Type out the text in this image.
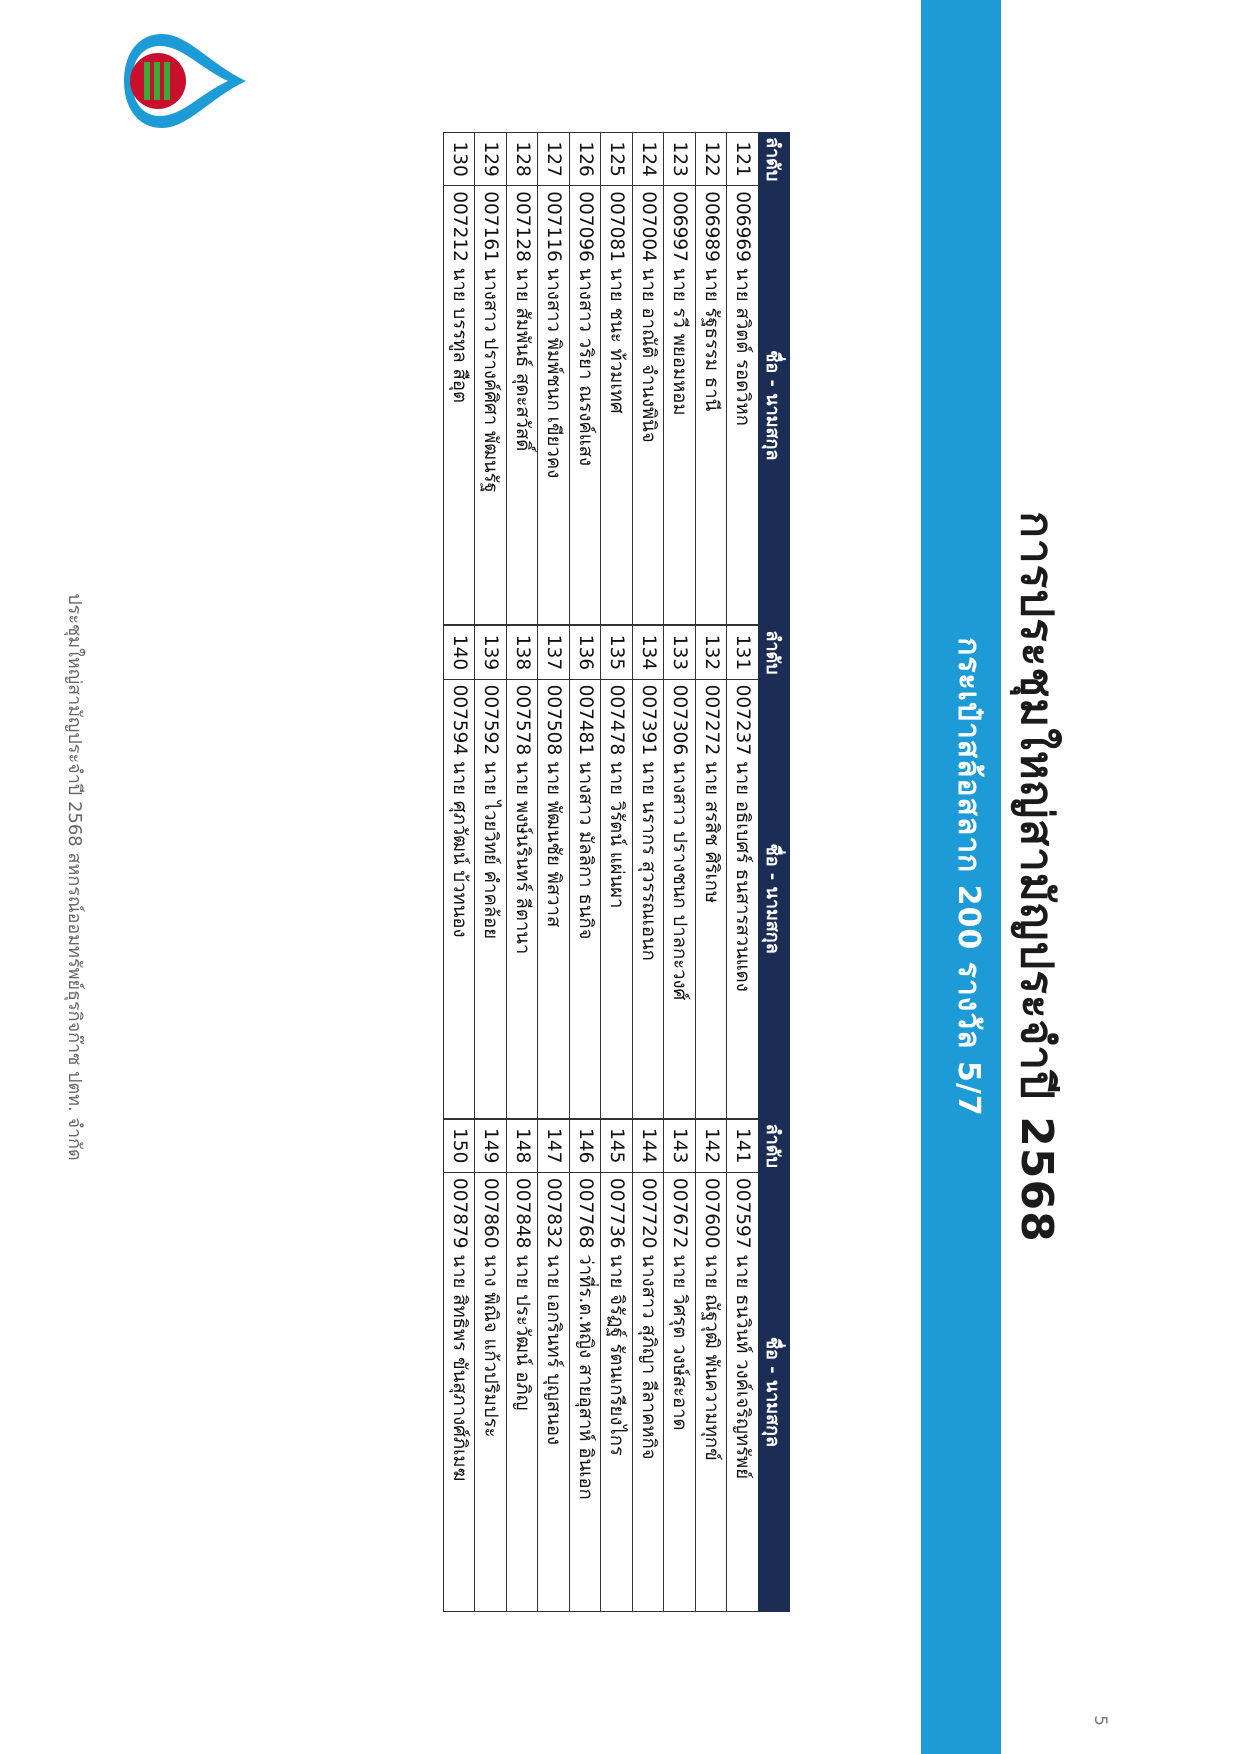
การประชุมใหญ่สามัญประจำปี 2568
กระเป๋าสล้อสลาก 200 รางวัล 5/7
5
ลำดับ	ชื่อ - นามสกุล
121	006969 นาย สวิตต์ รอดวิหก
122	006989 นาย รัฐธรรม ธานี
123	006997 นาย รวี พยอมหอม
124	007004 นาย อาณัติ จำนงพินิจ
125	007081 นาย ชนะ ท้วมเทศ
126	007096 นางสาว วริยา ณรงค์แสง
127	007116 นางสาว พิมพ์ชนก เขียวคง
128	007128 นาย สัมพันธ์ สุดะสวัสดิ์
129	007161 นางสาว ปรางค์ศิศา พัฒนรัฐ
130	007212 นาย บรรทูล สือุต
ลำดับ	ชื่อ - นามสกุล
131	007237 นาย อธิเบศร์ ธนสารสวนแดง
132	007272 นาย สรสิช ศิริเกษ
133	007306 นางสาว ปรางชนก ปาลกะวงศ์
134	007391 นาย นรากร สุวรรณเอนก
135	007478 นาย วิรัตน์ แผ่นผา
136	007481 นางสาว มัลลิกา ธนกิจ
137	007508 นาย พัฒนชัย พิสวาส
138	007578 นาย พงษ์นรินทร์ ลีตานา
139	007592 นาย ไวยวิทย์ คำคล้อย
140	007594 นาย ศุภวัฒน์ บ้วทนอง
ลำดับ	ชื่อ - นามสกุล
141	007597 นาย ธนวินท์ วงค์เจริญทรัพย์
142	007600 นาย ณัฐวุฒิ พันความทุกข์
143	007672 นาย วิศรุต วงษ์สะอาด
144	007720 นางสาว สุภิญา ลีลาคหกิจ
145	007736 นาย จิรัฏฐ์ รัตนเกรียงไกร
146	007768 ว่าที่ร.ต.หญิง สายอุสาห์ อินเอก
147	007832 นาย เอกรินทร์ บุญสนอง
148	007848 นาย ประวัฒน์ อภิญ
149	007860 นาง พิณิจ แก้วปริมประ
150	007879 นาย สิทธิพร ขันสุภางศ์ภิเมฆ

ประชุมใหญ่สามัญประจำปี 2568 สหกรณ์ออมทรัพย์ธุรกิจก๊าซ ปตท. จำกัด
